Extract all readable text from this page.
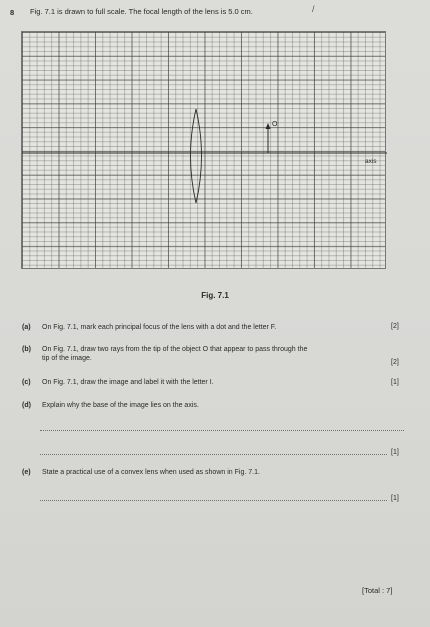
8 Fig. 7.1 is drawn to full scale. The focal length of the lens is 5.0 cm.	/
O
axis
Fig. 7.1
(a) On Fig. 7.1, mark each principal focus of the lens with a dot and the letter F.	[2]
(b) On Fig. 7.1, draw two rays from the tip of the object O that appear to pass through the
tip of the image.
[2]
(c) On Fig. 7.1, draw the image and label it with the letter I.	[1]
(d) Explain why the base of the image lies on the axis.
[1]
(e) State a practical use of a convex lens when used as shown in Fig. 7.1.
[1]
[Total : 7]
